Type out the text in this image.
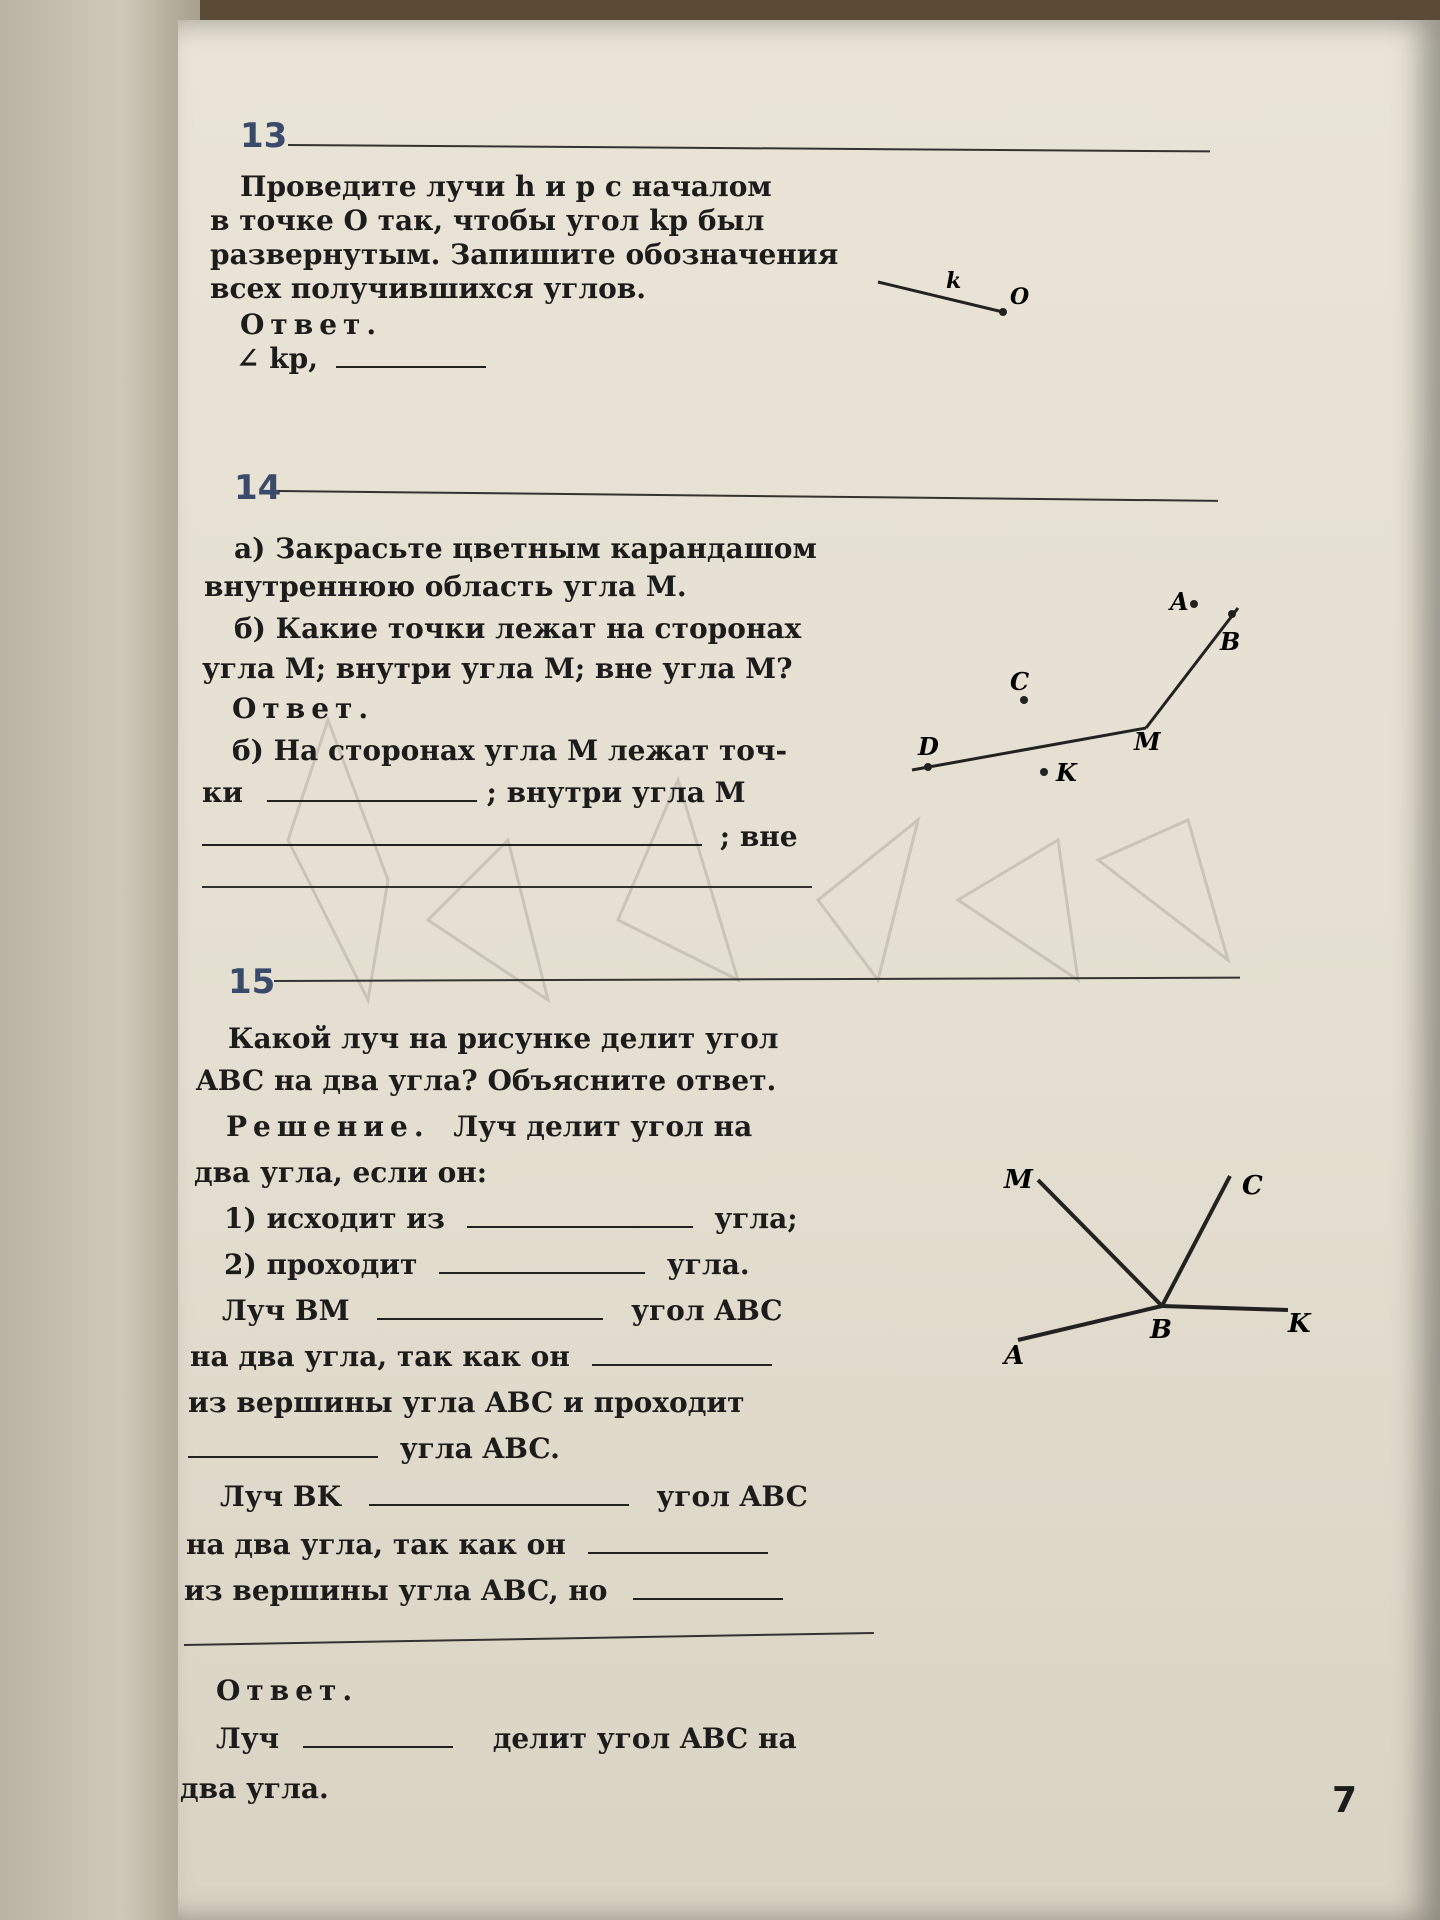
13
Проведите лучи h и p с началом
в точке O так, чтобы угол kp был
развернутым. Запишите обозначения
всех получившихся углов.
Ответ.
∠ kp,
k
O
14
а) Закрасьте цветным карандашом
внутреннюю область угла M.
б) Какие точки лежат на сторонах
угла M; внутри угла M; вне угла M?
Ответ.
б) На сторонах угла M лежат точ-
ки	; внутри угла M
; вне
A
B
C
M
D
K
15
Какой луч на рисунке делит угол
ABC на два угла? Объясните ответ.
Решение. Луч делит угол на
два угла, если он:
1) исходит из	угла;
2) проходит	угла.
Луч BM	угол ABC
на два угла, так как он
из вершины угла ABC и проходит
угла ABC.
Луч BK	угол ABC
на два угла, так как он
из вершины угла ABC, но
Ответ.
Луч	делит угол ABC на
два угла.
M	C
B	K
A
7
